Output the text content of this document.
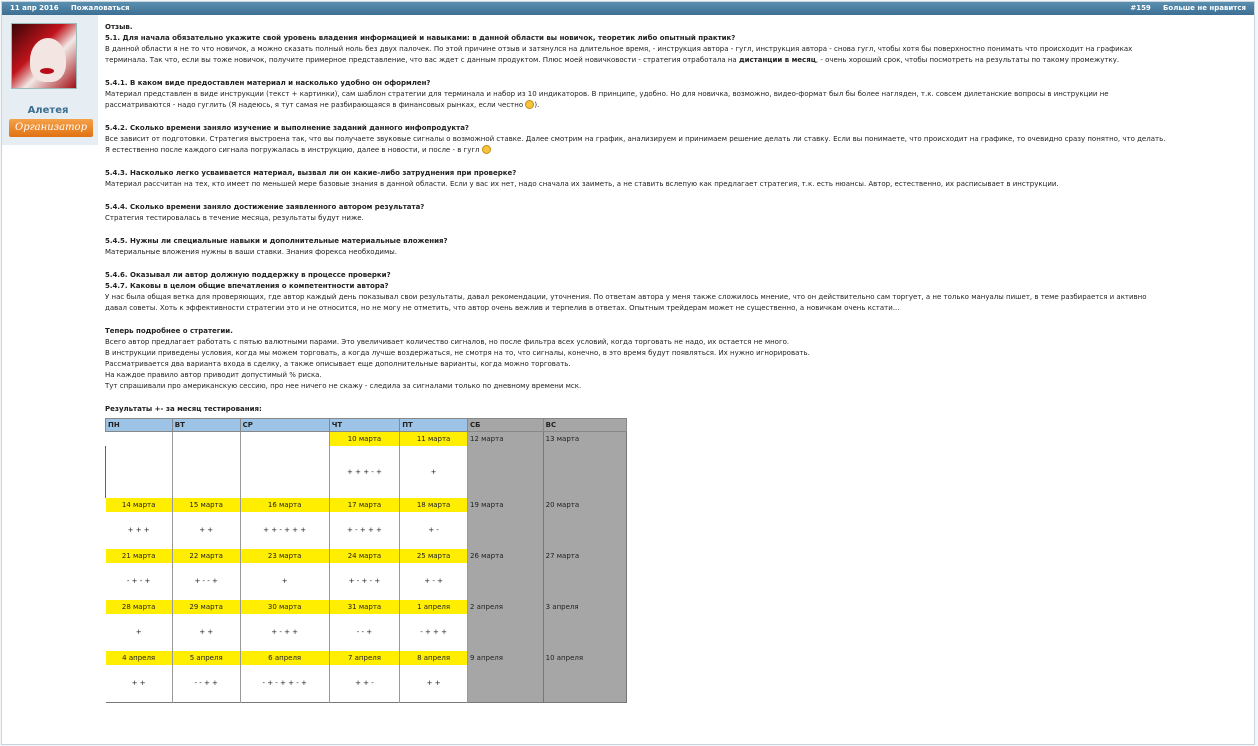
11 апр 2016 Пожаловаться	#159 Больше не нравится
Алетея
Организатор

Отзыв.

5.1. Для начала обязательно укажите свой уровень владения информацией и навыками: в данной области вы новичок, теоретик либо опытный практик?

В данной области я не то что новичок, а можно сказать полный ноль без двух палочек. По этой причине отзыв и затянулся на длительное время, - инструкция автора - гугл, инструкция автора - снова гугл, чтобы хотя бы поверхностно понимать что происходит на графиках

терминала. Так что, если вы тоже новичок, получите примерное представление, что вас ждет с данным продуктом. Плюс моей новичковости - стратегия отработала на дистанции в месяц, - очень хороший срок, чтобы посмотреть на результаты по такому промежутку.

5.4.1. В каком виде предоставлен материал и насколько удобно он оформлен?

Материал представлен в виде инструкции (текст + картинки), сам шаблон стратегии для терминала и набор из 10 индикаторов. В принципе, удобно. Но для новичка, возможно, видео-формат был бы более нагляден, т.к. совсем дилетанские вопросы в инструкции не

рассматриваются - надо гуглить (Я надеюсь, я тут самая не разбирающаяся в финансовых рынках, если честно ).

5.4.2. Сколько времени заняло изучение и выполнение заданий данного инфопродукта?

Все зависит от подготовки. Стратегия выстроена так, что вы получаете звуковые сигналы о возможной ставке. Далее смотрим на график, анализируем и принимаем решение делать ли ставку. Если вы понимаете, что происходит на графике, то очевидно сразу понятно, что делать.

Я естественно после каждого сигнала погружалась в инструкцию, далее в новости, и после - в гугл

5.4.3. Насколько легко усваивается материал, вызвал ли он какие-либо затруднения при проверке?

Материал рассчитан на тех, кто имеет по меньшей мере базовые знания в данной области. Если у вас их нет, надо сначала их заиметь, а не ставить вслепую как предлагает стратегия, т.к. есть нюансы. Автор, естественно, их расписывает в инструкции.

5.4.4. Сколько времени заняло достижение заявленного автором результата?

Стратегия тестировалась в течение месяца, результаты будут ниже.

5.4.5. Нужны ли специальные навыки и дополнительные материальные вложения?

Материальные вложения нужны в ваши ставки. Знания форекса необходимы.

5.4.6. Оказывал ли автор должную поддержку в процессе проверки?

5.4.7. Каковы в целом общие впечатления о компетентности автора?

У нас была общая ветка для проверяющих, где автор каждый день показывал свои результаты, давал рекомендации, уточнения. По ответам автора у меня также сложилось мнение, что он действительно сам торгует, а не только мануалы пишет, в теме разбирается и активно

давал советы. Хоть к эффективности стратегии это и не относится, но не могу не отметить, что автор очень вежлив и терпелив в ответах. Опытным трейдерам может не существенно, а новичкам очень кстати...

Теперь подробнее о стратегии.

Всего автор предлагает работать с пятью валютными парами. Это увеличивает количество сигналов, но после фильтра всех условий, когда торговать не надо, их остается не много.

В инструкции приведены условия, когда мы можем торговать, а когда лучше воздержаться, не смотря на то, что сигналы, конечно, в это время будут появляться. Их нужно игнорировать.

Рассматривается два варианта входа в сделку, а также описывает еще дополнительные варианты, когда можно торговать.

На каждое правило автор приводит допустимый % риска.

Тут спрашивали про американскую сессию, про нее ничего не скажу - следила за сигналами только по дневному времени мск.

Результаты +- за месяц тестирования:

ПН	ВТ	СР	ЧТ	ПТ	СБ	ВС
			10 марта	11 марта	12 марта	13 марта
			+ + + - +	+		
14 марта	15 марта	16 марта	17 марта	18 марта	19 марта	20 марта
+ + +	+ +	+ + - + + +	+ - + + +	+ -		
21 марта	22 марта	23 марта	24 марта	25 марта	26 марта	27 марта
- + - +	+ - - +	+	+ - + - +	+ - +		
28 марта	29 марта	30 марта	31 марта	1 апреля	2 апреля	3 апреля
+	+ +	+ - + +	- - +	- + + +		
4 апреля	5 апреля	6 апреля	7 апреля	8 апреля	9 апреля	10 апреля
+ +	- - + +	- + - + + - +	+ + -	+ +		
